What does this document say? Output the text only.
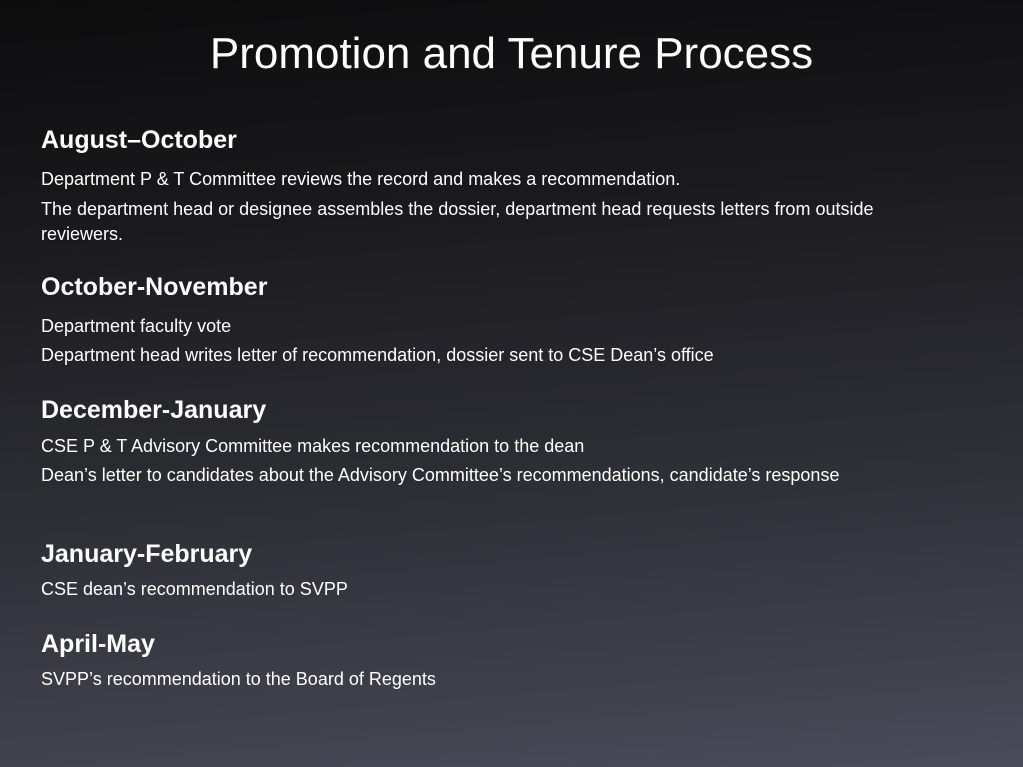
Promotion and Tenure Process
August–October

Department P & T Committee reviews the record and makes a recommendation.

The department head or designee assembles the dossier, department head requests letters from outside reviewers.

October-November

Department faculty vote

Department head writes letter of recommendation, dossier sent to CSE Dean’s office

December-January

CSE P & T Advisory Committee makes recommendation to the dean

Dean’s letter to candidates about the Advisory Committee’s recommendations, candidate’s response

January-February

CSE dean’s recommendation to SVPP

April-May

SVPP’s recommendation to the Board of Regents
